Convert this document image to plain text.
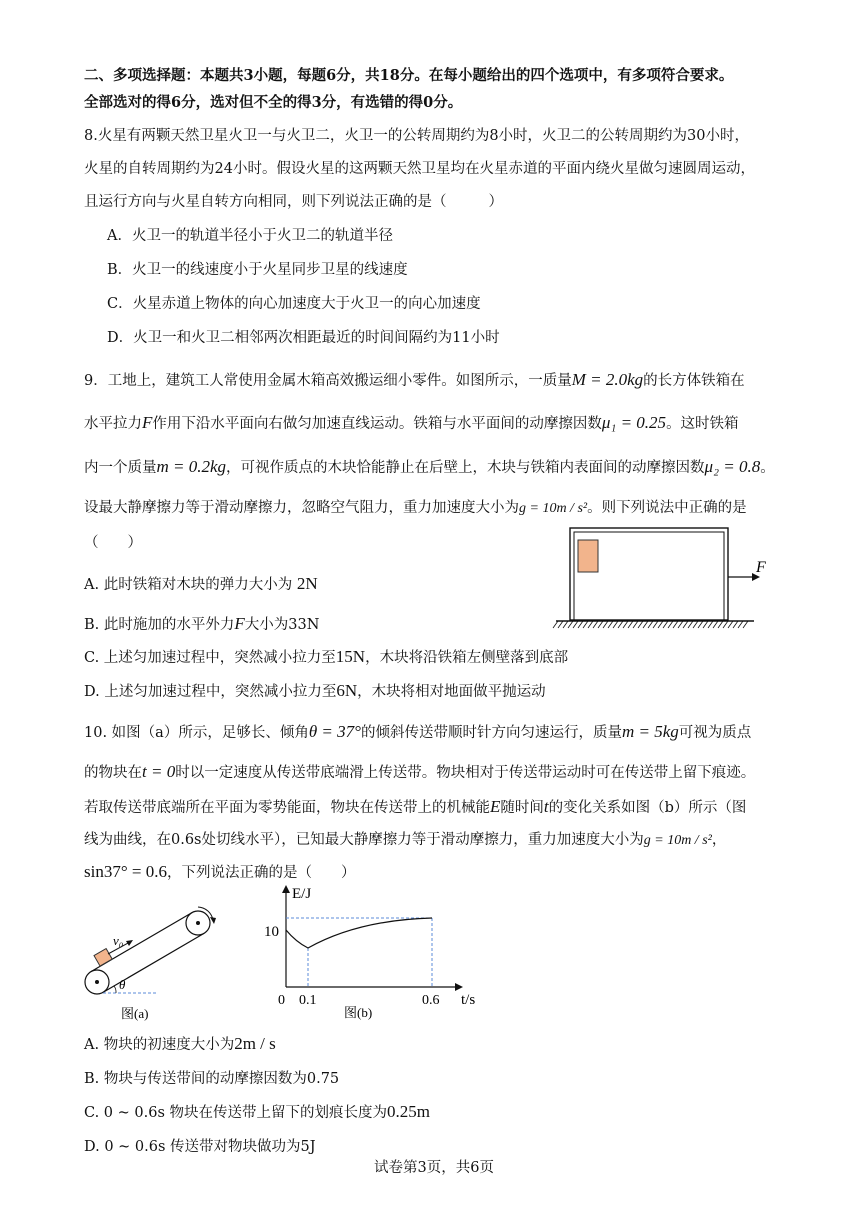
二、多项选择题：本题共3小题，每题6分，共18分。在每小题给出的四个选项中，有多项符合要求。
全部选对的得6分，选对但不全的得3分，有选错的得0分。
8.火星有两颗天然卫星火卫一与火卫二，火卫一的公转周期约为8小时，火卫二的公转周期约为30小时，
火星的自转周期约为24小时。假设火星的这两颗天然卫星均在火星赤道的平面内绕火星做匀速圆周运动，
且运行方向与火星自转方向相同，则下列说法正确的是（	）
A．火卫一的轨道半径小于火卫二的轨道半径
B．火卫一的线速度小于火星同步卫星的线速度
C．火星赤道上物体的向心加速度大于火卫一的向心加速度
D．火卫一和火卫二相邻两次相距最近的时间间隔约为11小时
9．工地上，建筑工人常使用金属木箱高效搬运细小零件。如图所示，一质量M = 2.0kg的长方体铁箱在
水平拉力F作用下沿水平面向右做匀加速直线运动。铁箱与水平面间的动摩擦因数μ₁ = 0.25。这时铁箱
内一个质量m = 0.2kg，可视作质点的木块恰能静止在后壁上，木块与铁箱内表面间的动摩擦因数μ₂ = 0.8。
设最大静摩擦力等于滑动摩擦力，忽略空气阻力，重力加速度大小为g = 10m / s²。则下列说法中正确的是
（　　）
F
A. 此时铁箱对木块的弹力大小为 2N
B. 此时施加的水平外力F大小为33N
C. 上述匀加速过程中，突然减小拉力至15N，木块将沿铁箱左侧壁落到底部
D. 上述匀加速过程中，突然减小拉力至6N，木块将相对地面做平抛运动
10. 如图（a）所示，足够长、倾角θ = 37°的倾斜传送带顺时针方向匀速运行，质量m = 5kg可视为质点
的物块在t = 0时以一定速度从传送带底端滑上传送带。物块相对于传送带运动时可在传送带上留下痕迹。
若取传送带底端所在平面为零势能面，物块在传送带上的机械能E随时间t的变化关系如图（b）所示（图
线为曲线，在0.6s处切线水平），已知最大静摩擦力等于滑动摩擦力，重力加速度大小为g = 10m / s²，
sin37° = 0.6，下列说法正确的是（　　）
v₀
θ
图(a)
E/J
t/s
10
0 0.1	0.6
图(b)
A. 物块的初速度大小为2m / s
B. 物块与传送带间的动摩擦因数为0.75
C. 0 ~ 0.6s 物块在传送带上留下的划痕长度为0.25m
D. 0 ~ 0.6s 传送带对物块做功为5J
试卷第3页，共6页
